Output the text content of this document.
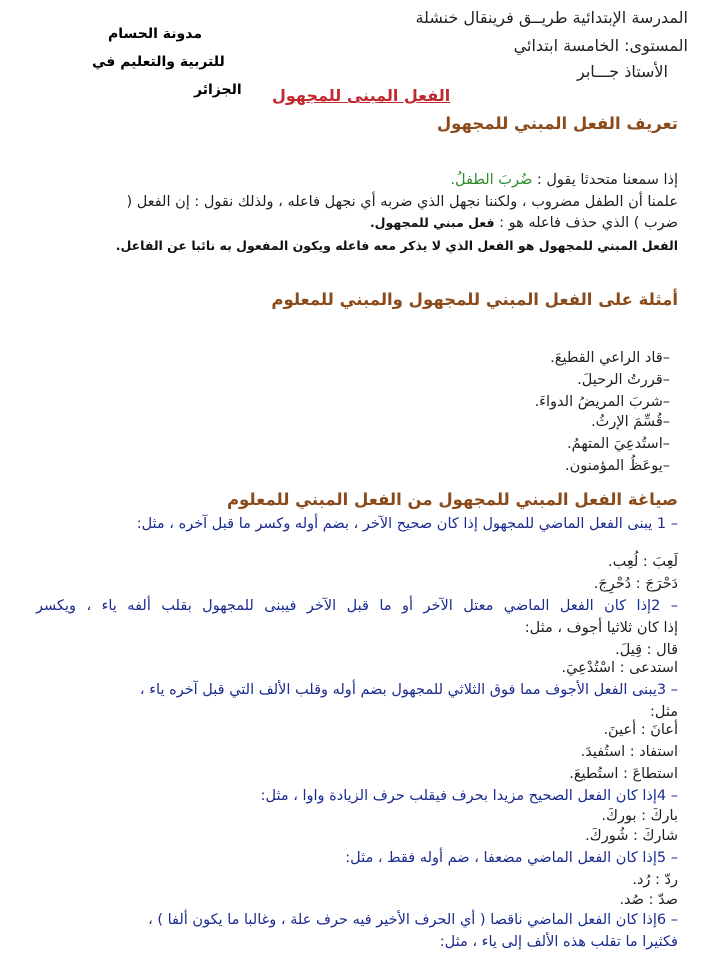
المدرسة الإبتدائية طريــق فرينقال خنشلة
المستوى: الخامسة ابتدائي
الأستاذ جـــابر
مدونة الحسام
للتربية والتعليم في
الجزائر الفعل المبنى للمجهول
تعريف الفعل المبني للمجهول
إذا سمعنا متحدثا يقول : ضُربَ الطفلُ.
علمنا أن الطفل مضروب ، ولكننا نجهل الذي ضربه أي نجهل فاعله ، ولذلك نقول : إن الفعل (
ضرب ) الذي حذف فاعله هو : فعل مبني للمجهول.
الفعل المبني للمجهول هو الفعل الذي لا يذكر معه فاعله ويكون المفعول به نائبا عن الفاعل.
أمثلة على الفعل المبني للمجهول والمبني للمعلوم
–قاد الراعي القطيعَ.
–قررتُ الرحيلَ.
–شربَ المريضُ الدواءَ.
–قُسِّمَ الإرثُ.
–استُدعِيَ المتهمُ.
–يوعَظُ المؤمنون.
صياغة الفعل المبني للمجهول من الفعل المبني للمعلوم
– 1 يبنى الفعل الماضي للمجهول إذا كان صحيح الآخر ، بضم أوله وكسر ما قبل آخره ، مثل:
لَعِبَ : لُعِب.
دَحْرَجَ : دُحْرِجَ.
– 2إذا كان الفعل الماضي معتل الآخر أو ما قبل الآخر فيبنى للمجهول بقلب ألفه ياء ، ويكسر
إذا كان ثلاثيا أجوف ، مثل:
قال : قِيلَ.
استدعى : اسْتُدْعِيَ.
– 3يبنى الفعل الأجوف مما فوق الثلاثي للمجهول بضم أوله وقلب الألف التي قبل آخره ياء ،
مثل:
أعانَ : أعينَ.
استفاد : استُفيدَ.
استطاعَ : استُطيعَ.
– 4إذا كان الفعل الصحيح مزيدا بحرف فيقلب حرف الزيادة واوا ، مثل:
باركَ : بوركَ.
شاركَ : شُوركَ.
– 5إذا كان الفعل الماضي مضعفا ، ضم أوله فقط ، مثل:
ردّ : رُد.
صدّ : صُد.
– 6إذا كان الفعل الماضي ناقصا ( أي الحرف الأخير فيه حرف علة ، وغالبا ما يكون ألفا ) ،
فكثيرا ما تقلب هذه الألف إلى ياء ، مثل:
